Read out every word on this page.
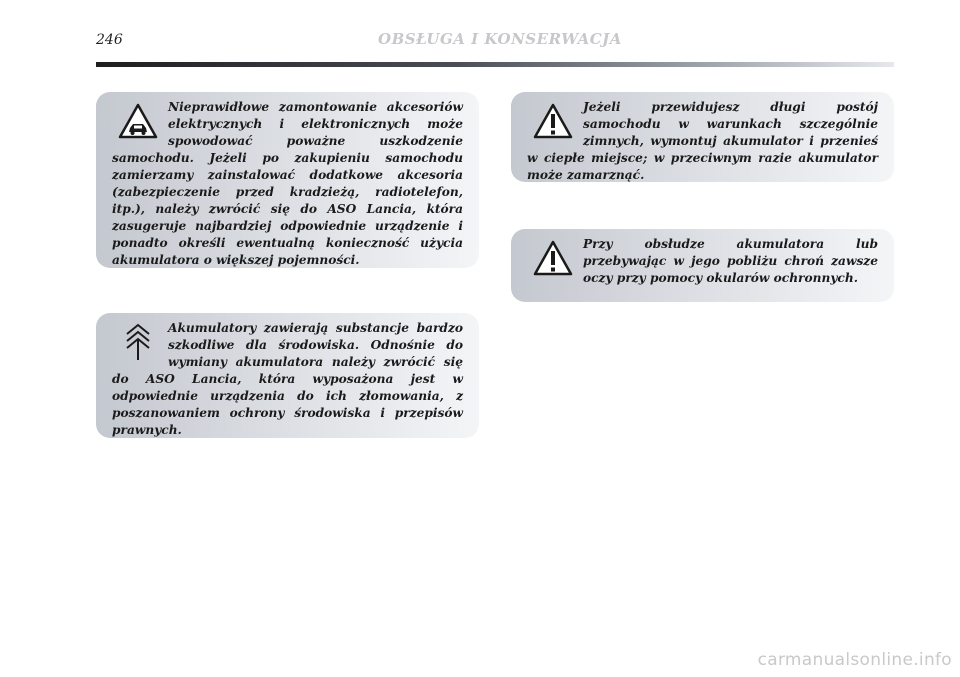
246	OBSŁUGA I KONSERWACJA

Nieprawidłowe zamontowanie akcesoriów elektrycznych i elektronicznych może spowodować poważne uszkodzenie samochodu. Jeżeli po zakupieniu samochodu zamierzamy zainstalować dodatkowe akcesoria (zabezpieczenie przed kradzieżą, radiotelefon, itp.), należy zwrócić się do ASO Lancia, która zasugeruje najbardziej odpowiednie urządzenie i ponadto określi ewentualną konieczność użycia akumulatora o większej pojemności.

Akumulatory zawierają substancje bardzo szkodliwe dla środowiska. Odnośnie do wymiany akumulatora należy zwrócić się do ASO Lancia, która wyposażona jest w odpowiednie urządzenia do ich złomowania, z poszanowaniem ochrony środowiska i przepisów prawnych.

Jeżeli przewidujesz długi postój samochodu w warunkach szczególnie zimnych, wymontuj akumulator i przenieś w ciepłe miejsce; w przeciwnym razie akumulator może zamarznąć.

Przy obsłudze akumulatora lub przebywając w jego pobliżu chroń zawsze oczy przy pomocy okularów ochronnych.

carmanualsonline.info
